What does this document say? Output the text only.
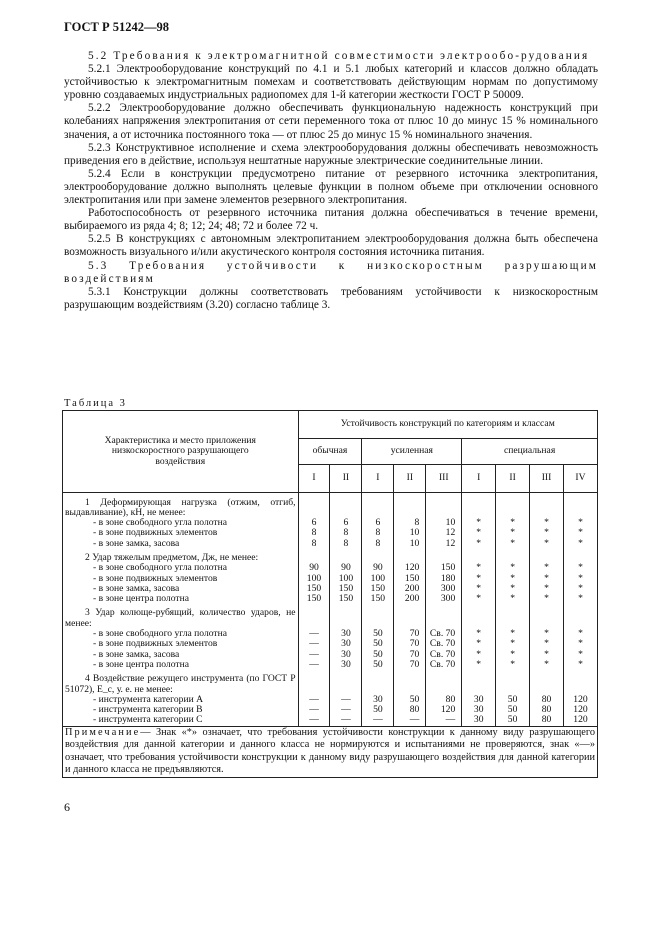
ГОСТ Р 51242—98

5.2 Требования к электромагнитной совместимости электрообо-рудования

5.2.1 Электрооборудование конструкций по 4.1 и 5.1 любых категорий и классов должно обладать устойчивостью к электромагнитным помехам и соответствовать действующим нормам по допустимому уровню создаваемых индустриальных радиопомех для 1-й категории жесткости ГОСТ Р 50009.

5.2.2 Электрооборудование должно обеспечивать функциональную надежность конструкций при колебаниях напряжения электропитания от сети переменного тока от плюс 10 до минус 15 % номинального значения, а от источника постоянного тока — от плюс 25 до минус 15 % номинального значения.

5.2.3 Конструктивное исполнение и схема электрооборудования должны обеспечивать невозможность приведения его в действие, используя нештатные наружные электрические соединительные линии.

5.2.4 Если в конструкции предусмотрено питание от резервного источника электропитания, электрооборудование должно выполнять целевые функции в полном объеме при отключении основного электропитания или при замене элементов резервного электропитания.

Работоспособность от резервного источника питания должна обеспечиваться в течение времени, выбираемого из ряда 4; 8; 12; 24; 48; 72 и более 72 ч.

5.2.5 В конструкциях с автономным электропитанием электрооборудования должна быть обеспечена возможность визуального и/или акустического контроля состояния источника питания.

5.3 Требования устойчивости к низкоскоростным разрушающим воздействиям

5.3.1 Конструкции должны соответствовать требованиям устойчивости к низкоскоростным разрушающим воздействиям (3.20) согласно таблице 3.

Таблица 3
Характеристика и место приложения низкоскоростного разрушающего воздействия	Устойчивость конструкций по категориям и классам								
	обычная		усиленная			специальная			
	I	II	I	II	III	I	II	III	IV

1 Деформирующая нагрузка (отжим, отгиб, выдавливание), кН, не менее:									
- в зоне свободного угла полотна	6	6	6	8	10	*	*	*	*
- в зоне подвижных элементов	8	8	8	10	12	*	*	*	*
- в зоне замка, засова	8	8	8	10	12	*	*	*	*

2 Удар тяжелым предметом, Дж, не менее:									
- в зоне свободного угла полотна	90	90	90	120	150	*	*	*	*
- в зоне подвижных элементов	100	100	100	150	180	*	*	*	*
- в зоне замка, засова	150	150	150	200	300	*	*	*	*
- в зоне центра полотна	150	150	150	200	300	*	*	*	*

3 Удар колюще-рубящий, количество ударов, не менее:									
- в зоне свободного угла полотна	—	30	50	70	Св. 70	*	*	*	*
- в зоне подвижных элементов	—	30	50	70	Св. 70	*	*	*	*
- в зоне замка, засова	—	30	50	70	Св. 70	*	*	*	*
- в зоне центра полотна	—	30	50	70	Св. 70	*	*	*	*

4 Воздействие режущего инструмента (по ГОСТ Р 51072), Е_c, у. е. не менее:									
- инструмента категории А	—	—	30	50	80	30	50	80	120
- инструмента категории В	—	—	50	80	120	30	50	80	120
- инструмента категории С	—	—	—	—	—	30	50	80	120
Примечание— Знак «*» означает, что требования устойчивости конструкции к данному виду разрушающего воздействия для данной категории и данного класса не нормируются и испытаниями не проверяются, знак «—» означает, что требования устойчивости конструкции к данному виду разрушающего воздействия для данной категории и данного класса не предъявляются.									
6
